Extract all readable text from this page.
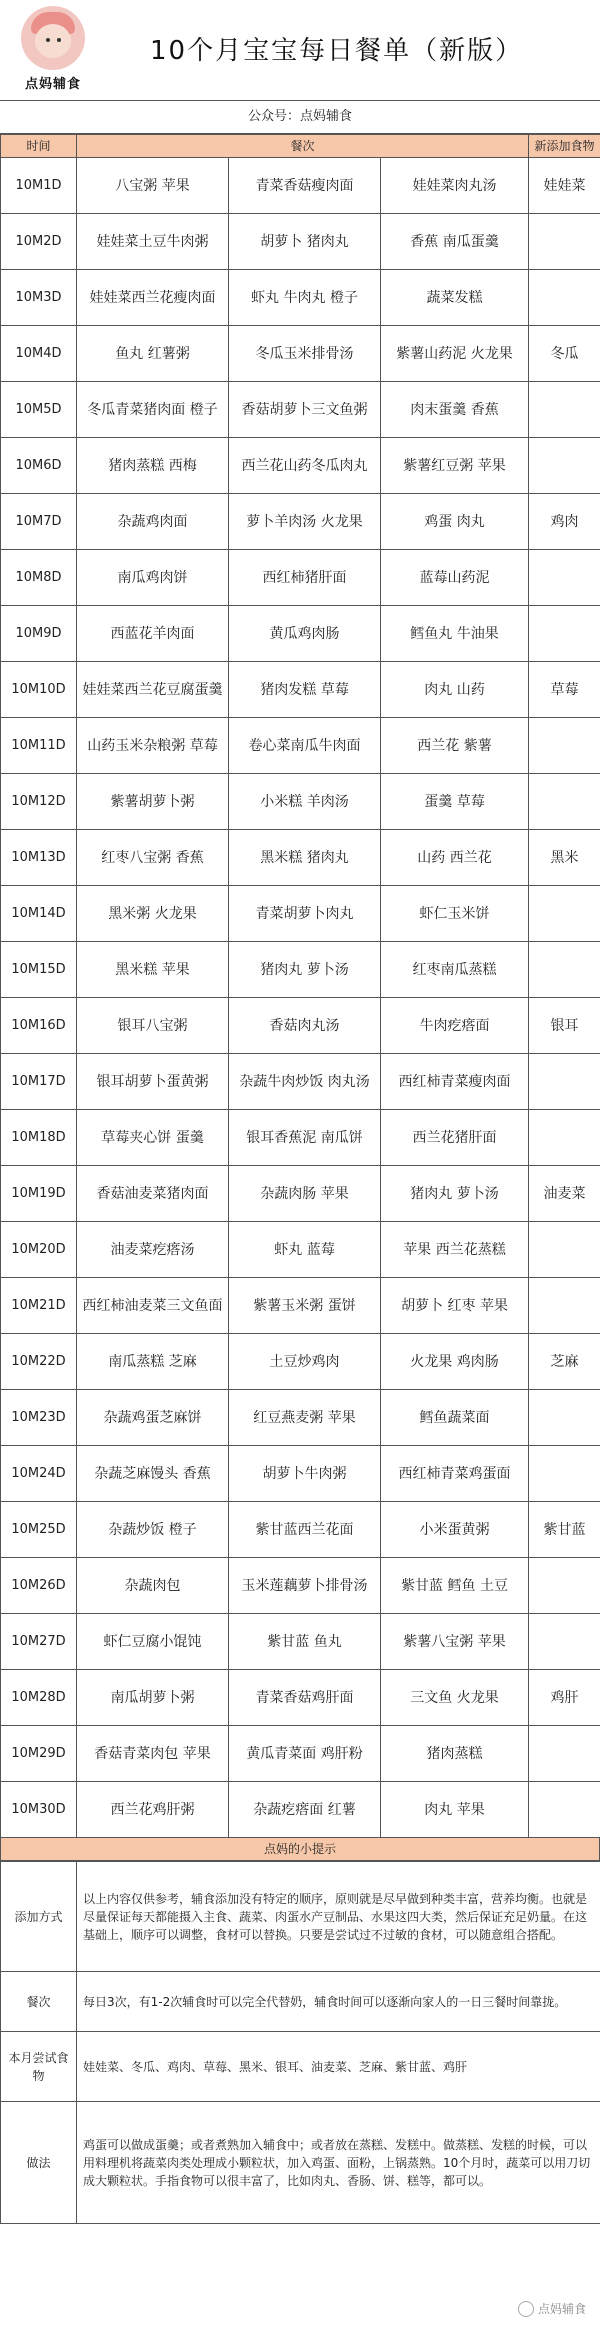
点妈辅食
10个月宝宝每日餐单（新版）
公众号：点妈辅食
时间	餐次			新添加食物
10M1D	八宝粥 苹果	青菜香菇瘦肉面	娃娃菜肉丸汤	娃娃菜
10M2D	娃娃菜土豆牛肉粥	胡萝卜 猪肉丸	香蕉 南瓜蛋羹	
10M3D	娃娃菜西兰花瘦肉面	虾丸 牛肉丸 橙子	蔬菜发糕	
10M4D	鱼丸 红薯粥	冬瓜玉米排骨汤	紫薯山药泥 火龙果	冬瓜
10M5D	冬瓜青菜猪肉面 橙子	香菇胡萝卜三文鱼粥	肉末蛋羹 香蕉	
10M6D	猪肉蒸糕 西梅	西兰花山药冬瓜肉丸	紫薯红豆粥 苹果	
10M7D	杂蔬鸡肉面	萝卜羊肉汤 火龙果	鸡蛋 肉丸	鸡肉
10M8D	南瓜鸡肉饼	西红柿猪肝面	蓝莓山药泥	
10M9D	西蓝花羊肉面	黄瓜鸡肉肠	鳕鱼丸 牛油果	
10M10D	娃娃菜西兰花豆腐蛋羹	猪肉发糕 草莓	肉丸 山药	草莓
10M11D	山药玉米杂粮粥 草莓	卷心菜南瓜牛肉面	西兰花 紫薯	
10M12D	紫薯胡萝卜粥	小米糕 羊肉汤	蛋羹 草莓	
10M13D	红枣八宝粥 香蕉	黑米糕 猪肉丸	山药 西兰花	黑米
10M14D	黑米粥 火龙果	青菜胡萝卜肉丸	虾仁玉米饼	
10M15D	黑米糕 苹果	猪肉丸 萝卜汤	红枣南瓜蒸糕	
10M16D	银耳八宝粥	香菇肉丸汤	牛肉疙瘩面	银耳
10M17D	银耳胡萝卜蛋黄粥	杂蔬牛肉炒饭 肉丸汤	西红柿青菜瘦肉面	
10M18D	草莓夹心饼 蛋羹	银耳香蕉泥 南瓜饼	西兰花猪肝面	
10M19D	香菇油麦菜猪肉面	杂蔬肉肠 苹果	猪肉丸 萝卜汤	油麦菜
10M20D	油麦菜疙瘩汤	虾丸 蓝莓	苹果 西兰花蒸糕	
10M21D	西红柿油麦菜三文鱼面	紫薯玉米粥 蛋饼	胡萝卜 红枣 苹果	
10M22D	南瓜蒸糕 芝麻	土豆炒鸡肉	火龙果 鸡肉肠	芝麻
10M23D	杂蔬鸡蛋芝麻饼	红豆燕麦粥 苹果	鳕鱼蔬菜面	
10M24D	杂蔬芝麻馒头 香蕉	胡萝卜牛肉粥	西红柿青菜鸡蛋面	
10M25D	杂蔬炒饭 橙子	紫甘蓝西兰花面	小米蛋黄粥	紫甘蓝
10M26D	杂蔬肉包	玉米莲藕萝卜排骨汤	紫甘蓝 鳕鱼 土豆	
10M27D	虾仁豆腐小馄饨	紫甘蓝 鱼丸	紫薯八宝粥 苹果	
10M28D	南瓜胡萝卜粥	青菜香菇鸡肝面	三文鱼 火龙果	鸡肝
10M29D	香菇青菜肉包 苹果	黄瓜青菜面 鸡肝粉	猪肉蒸糕	
10M30D	西兰花鸡肝粥	杂蔬疙瘩面 红薯	肉丸 苹果	
点妈的小提示
添加方式	以上内容仅供参考，辅食添加没有特定的顺序，原则就是尽早做到种类丰富，营养均衡。也就是尽量保证每天都能摄入主食、蔬菜、肉蛋水产豆制品、水果这四大类，然后保证充足奶量。在这基础上，顺序可以调整，食材可以替换。只要是尝试过不过敏的食材，可以随意组合搭配。
餐次	每日3次，有1-2次辅食时可以完全代替奶，辅食时间可以逐渐向家人的一日三餐时间靠拢。
本月尝试食物	娃娃菜、冬瓜、鸡肉、草莓、黑米、银耳、油麦菜、芝麻、紫甘蓝、鸡肝
做法	鸡蛋可以做成蛋羹；或者煮熟加入辅食中；或者放在蒸糕、发糕中。做蒸糕、发糕的时候，可以用料理机将蔬菜肉类处理成小颗粒状，加入鸡蛋、面粉，上锅蒸熟。10个月时，蔬菜可以用刀切成大颗粒状。手指食物可以很丰富了，比如肉丸、香肠、饼、糕等，都可以。
点妈辅食
